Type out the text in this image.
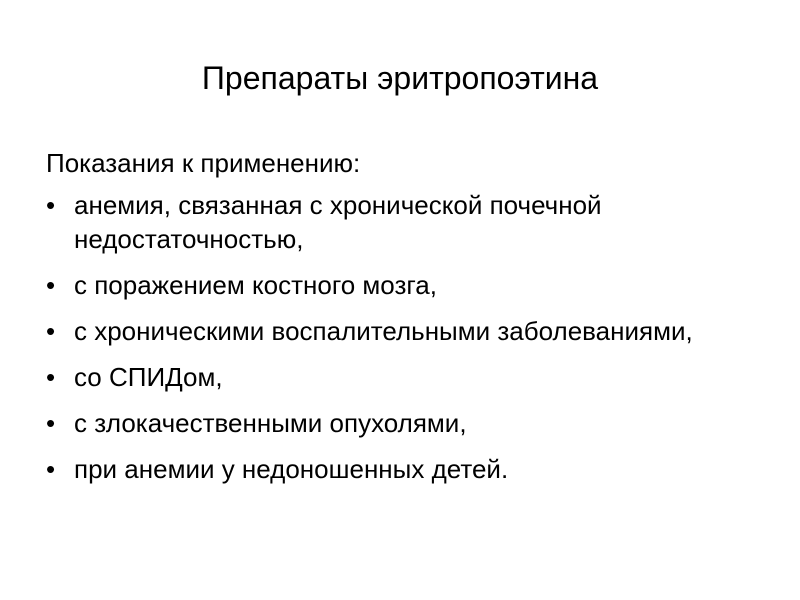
Препараты эритропоэтина

Показания к применению:

• анемия, связанная с хронической почечной недостаточностью,
• с поражением костного мозга,
• с хроническими воспалительными заболеваниями,
• со СПИДом,
• с злокачественными опухолями,
• при анемии у недоношенных детей.
